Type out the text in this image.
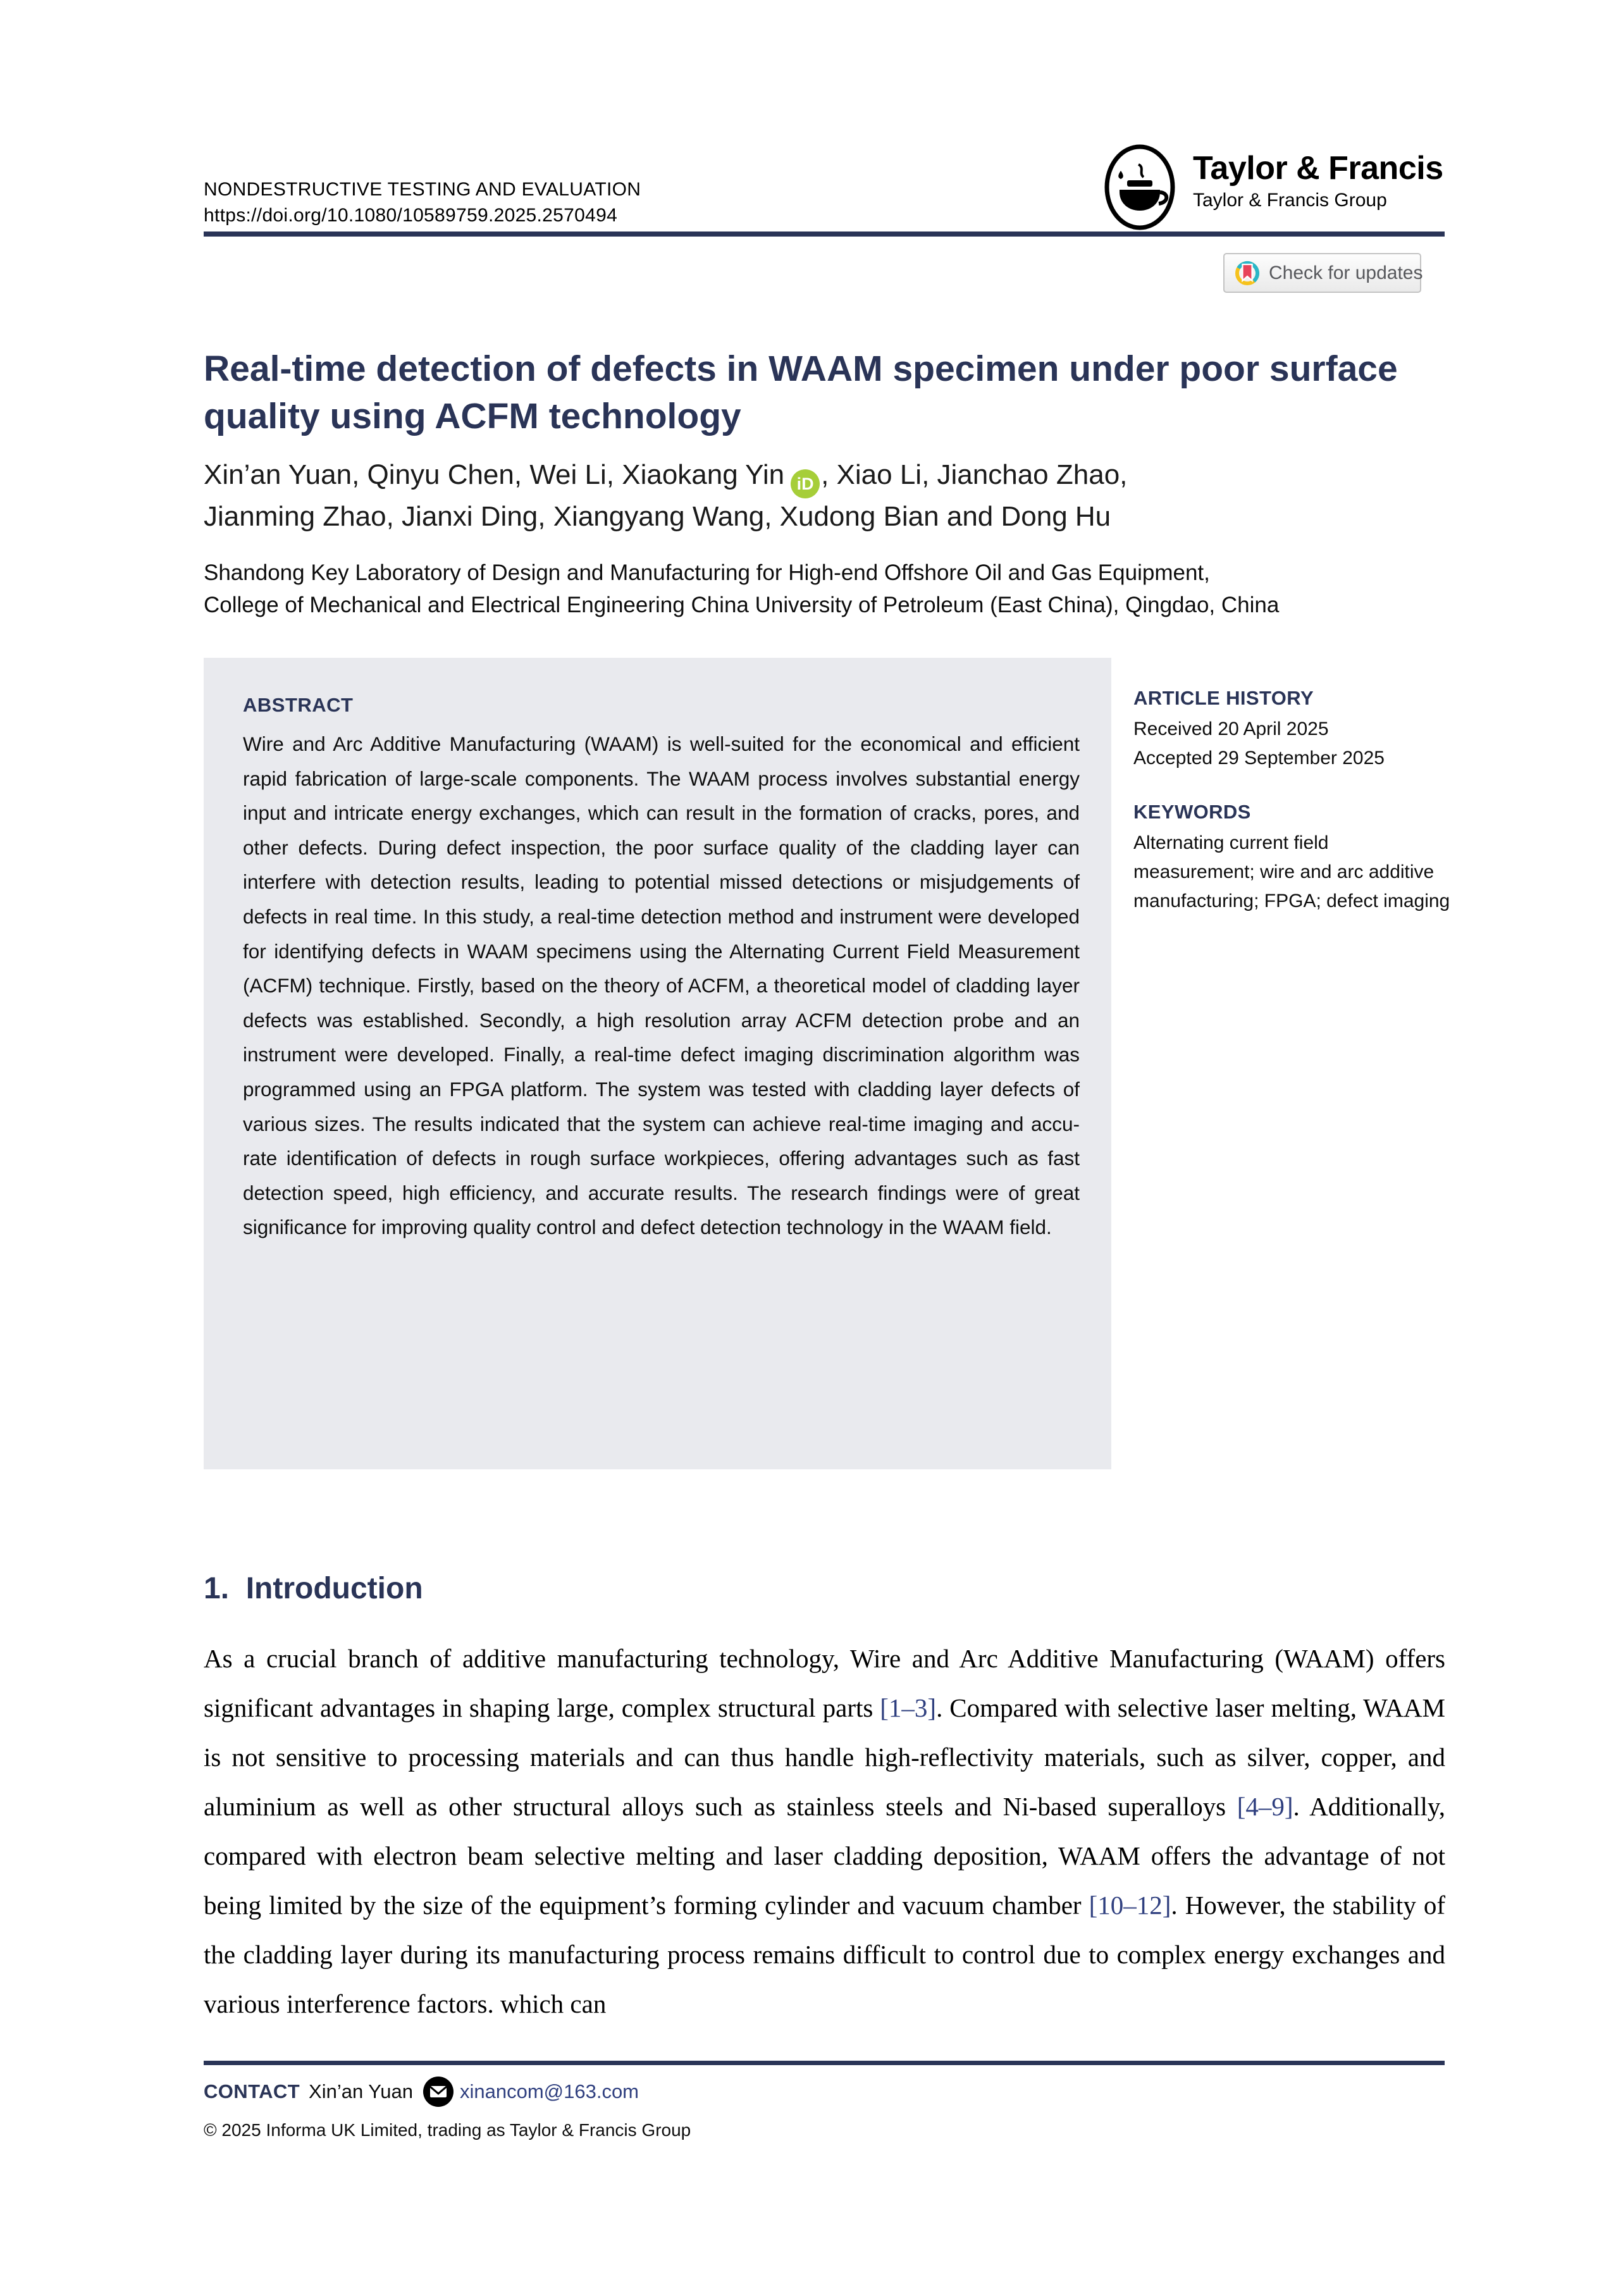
NONDESTRUCTIVE TESTING AND EVALUATION
https://doi.org/10.1080/10589759.2025.2570494
Taylor & Francis
Taylor & Francis Group
Check for updates
Real-time detection of defects in WAAM specimen under poor surface quality using ACFM technology
Xin’an Yuan, Qinyu Chen, Wei Li, Xiaokang Yin iD , Xiao Li, Jianchao Zhao,
Jianming Zhao, Jianxi Ding, Xiangyang Wang, Xudong Bian and Dong Hu
Shandong Key Laboratory of Design and Manufacturing for High-end Offshore Oil and Gas Equipment,
College of Mechanical and Electrical Engineering China University of Petroleum (East China), Qingdao, China
ABSTRACT
Wire and Arc Additive Manufacturing (WAAM) is well-suited for the economical and efficient rapid fabrication of large-scale components. The WAAM process involves substantial energy input and intricate energy exchanges, which can result in the formation of cracks, pores, and other defects. During defect inspection, the poor surface quality of the cladding layer can interfere with detection results, leading to potential missed detections or misjudgements of defects in real time. In this study, a real-time detection method and instrument were developed for identifying defects in WAAM specimens using the Alternating Current Field Measurement (ACFM) technique. Firstly, based on the theory of ACFM, a theoretical model of cladding layer defects was established. Secondly, a high resolution array ACFM detection probe and an instrument were developed. Finally, a real-time defect imaging discrimination algorithm was programmed using an FPGA platform. The system was tested with cladding layer defects of various sizes. The results indicated that the system can achieve real-time imaging and accurate identification of defects in rough surface workpieces, offering advantages such as fast detection speed, high efficiency, and accurate results. The research findings were of great significance for improving quality control and defect detection technology in the WAAM field.
ARTICLE HISTORY
Received 20 April 2025
Accepted 29 September 2025
KEYWORDS
Alternating current field measurement; wire and arc additive manufacturing; FPGA; defect imaging
1.  Introduction

As a crucial branch of additive manufacturing technology, Wire and Arc Additive Manufacturing (WAAM) offers significant advantages in shaping large, complex structural parts [1–3]. Compared with selective laser melting, WAAM is not sensitive to processing materials and can thus handle high-reflectivity materials, such as silver, copper, and aluminium as well as other structural alloys such as stainless steels and Ni-based superalloys [4–9]. Additionally, compared with electron beam selective melting and laser cladding deposition, WAAM offers the advantage of not being limited by the size of the equipment’s forming cylinder and vacuum chamber [10–12]. However, the stability of the cladding layer during its manufacturing process remains difficult to control due to complex energy exchanges and various interference factors. which can

CONTACT Xin’an Yuan xinancom@163.com
© 2025 Informa UK Limited, trading as Taylor & Francis Group
